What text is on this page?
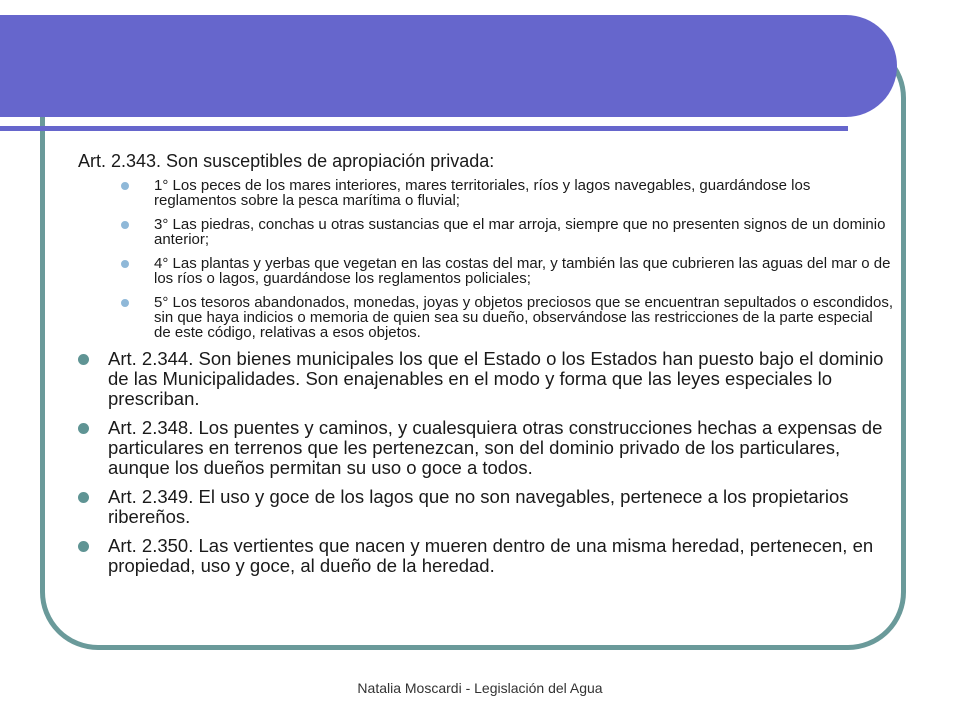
Art. 2.343. Son susceptibles de apropiación privada:

1° Los peces de los mares interiores, mares territoriales, ríos y lagos navegables, guardándose los reglamentos sobre la pesca marítima o fluvial;
3° Las piedras, conchas u otras sustancias que el mar arroja, siempre que no presenten signos de un dominio anterior;
4° Las plantas y yerbas que vegetan en las costas del mar, y también las que cubrieren las aguas del mar o de los ríos o lagos, guardándose los reglamentos policiales;
5° Los tesoros abandonados, monedas, joyas y objetos preciosos que se encuentran sepultados o escondidos, sin que haya indicios o memoria de quien sea su dueño, observándose las restricciones de la parte especial de este código, relativas a esos objetos.
Art. 2.344. Son bienes municipales los que el Estado o los Estados han puesto bajo el dominio de las Municipalidades. Son enajenables en el modo y forma que las leyes especiales lo prescriban.
Art. 2.348. Los puentes y caminos, y cualesquiera otras construcciones hechas a expensas de particulares en terrenos que les pertenezcan, son del dominio privado de los particulares, aunque los dueños permitan su uso o goce a todos.
Art. 2.349. El uso y goce de los lagos que no son navegables, pertenece a los propietarios ribereños.
Art. 2.350. Las vertientes que nacen y mueren dentro de una misma heredad, pertenecen, en propiedad, uso y goce, al dueño de la heredad.
Natalia Moscardi - Legislación del Agua
